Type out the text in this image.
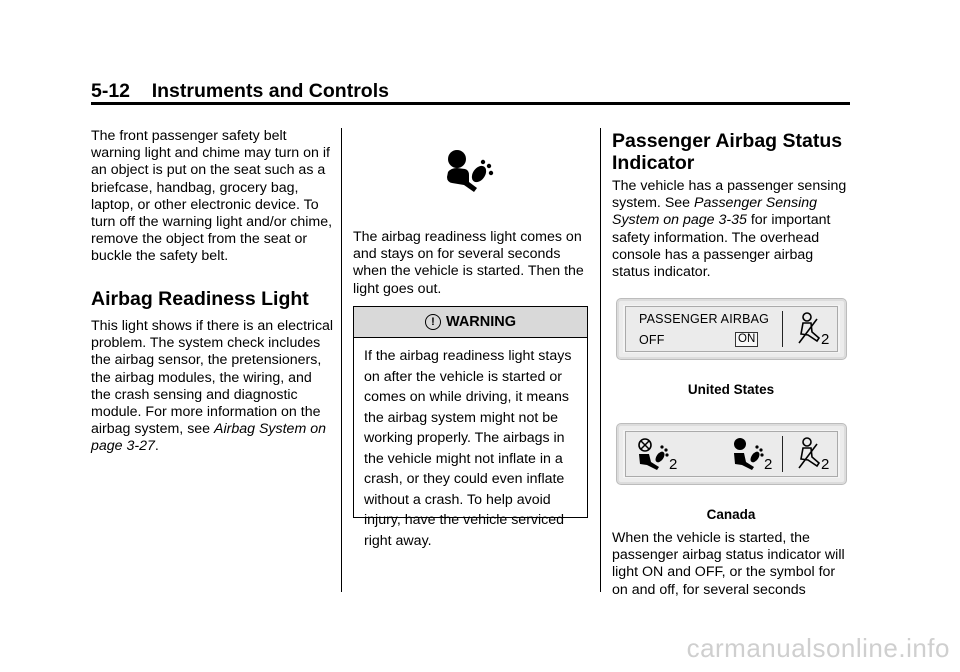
5-12 Instruments and Controls
The front passenger safety belt warning light and chime may turn on if an object is put on the seat such as a briefcase, handbag, grocery bag, laptop, or other electronic device. To turn off the warning light and/or chime, remove the object from the seat or buckle the safety belt.
Airbag Readiness Light
This light shows if there is an electrical problem. The system check includes the airbag sensor, the pretensioners, the airbag modules, the wiring, and the crash sensing and diagnostic module. For more information on the airbag system, see Airbag System on page 3-27.
The airbag readiness light comes on and stays on for several seconds when the vehicle is started. Then the light goes out.
! WARNING
If the airbag readiness light stays on after the vehicle is started or comes on while driving, it means the airbag system might not be working properly. The airbags in the vehicle might not inflate in a crash, or they could even inflate without a crash. To help avoid injury, have the vehicle serviced right away.
Passenger Airbag Status Indicator
The vehicle has a passenger sensing system. See Passenger Sensing System on page 3-35 for important safety information. The overhead console has a passenger airbag status indicator.
PASSENGER AIRBAG
OFF	ON	2
United States
2	2	2
Canada
When the vehicle is started, the passenger airbag status indicator will light ON and OFF, or the symbol for on and off, for several seconds
carmanualsonline.info
